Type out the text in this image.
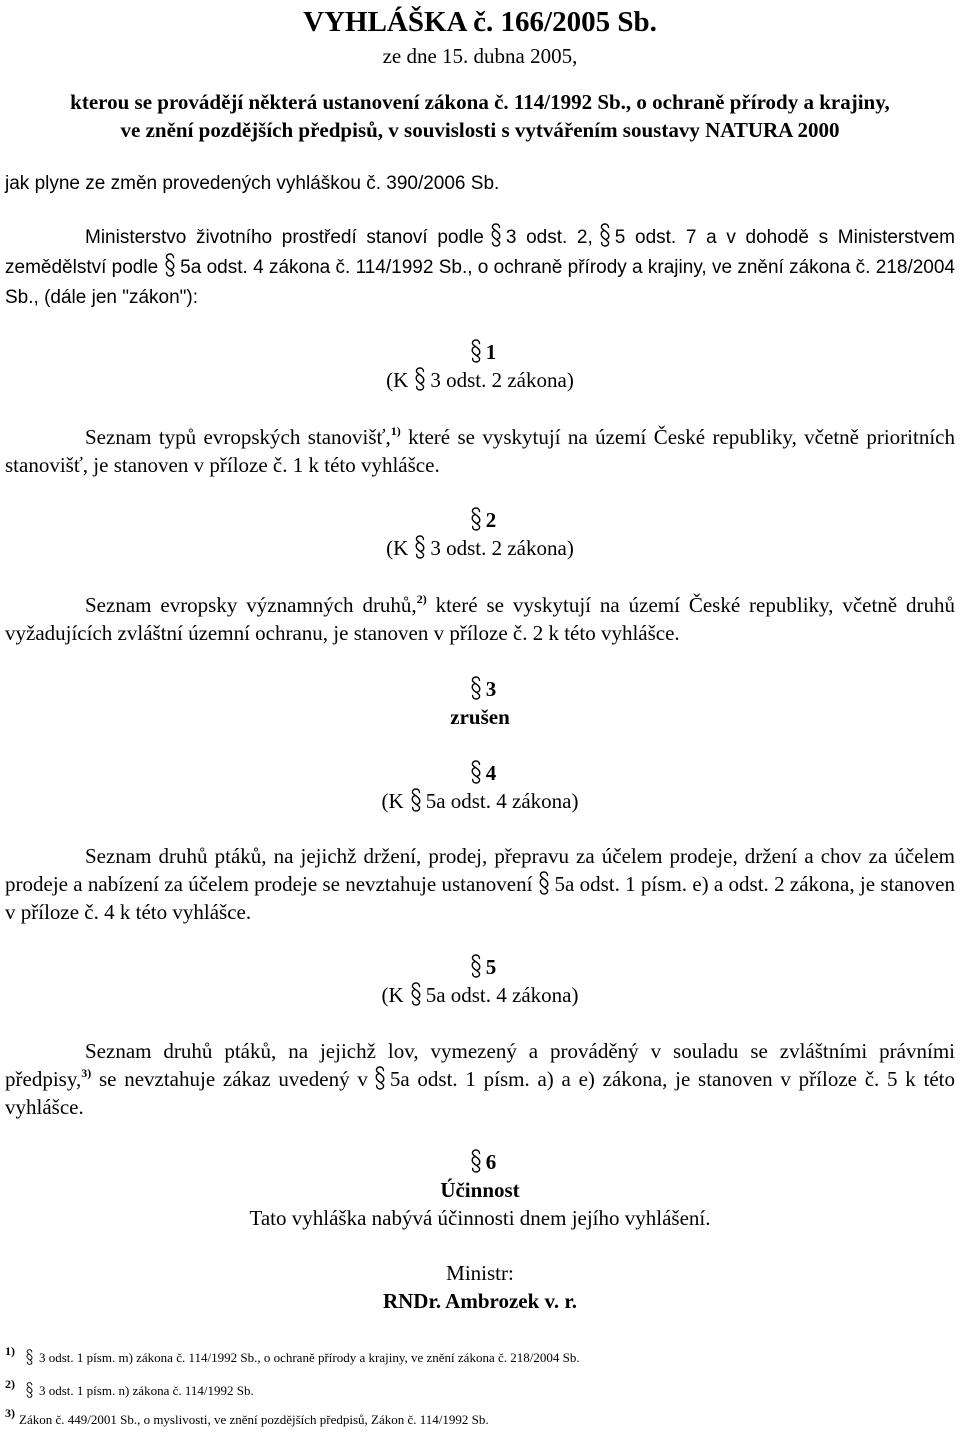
VYHLÁŠKA č. 166/2005 Sb.
ze dne 15. dubna 2005,
kterou se provádějí některá ustanovení zákona č. 114/1992 Sb., o ochraně přírody a krajiny,
ve znění pozdějších předpisů, v souvislosti s vytvářením soustavy NATURA 2000
jak plyne ze změn provedených vyhláškou č. 390/2006 Sb.
Ministerstvo životního prostředí stanoví podle 3 odst. 2, 5 odst. 7 a v dohodě s Ministerstvem zemědělství podle 5a odst. 4 zákona č. 114/1992 Sb., o ochraně přírody a krajiny, ve znění zákona č. 218/2004 Sb., (dále jen "zákon"):
1
(K 3 odst. 2 zákona)
Seznam typů evropských stanovišť,$^{1)}$ které se vyskytují na území České republiky, včetně prioritních stanovišť, je stanoven v příloze č. 1 k této vyhlášce.
2
(K 3 odst. 2 zákona)
Seznam evropsky významných druhů,$^{2)}$ které se vyskytují na území České republiky, včetně druhů vyžadujících zvláštní územní ochranu, je stanoven v příloze č. 2 k této vyhlášce.
3
zrušen
4
(K 5a odst. 4 zákona)
Seznam druhů ptáků, na jejichž držení, prodej, přepravu za účelem prodeje, držení a chov za účelem prodeje a nabízení za účelem prodeje se nevztahuje ustanovení 5a odst. 1 písm. e) a odst. 2 zákona, je stanoven v příloze č. 4 k této vyhlášce.
5
(K 5a odst. 4 zákona)
Seznam druhů ptáků, na jejichž lov, vymezený a prováděný v souladu se zvláštními právními předpisy,$^{3)}$ se nevztahuje zákaz uvedený v 5a odst. 1 písm. a) a e) zákona, je stanoven v příloze č. 5 k této vyhlášce.
6
Účinnost
Tato vyhláška nabývá účinnosti dnem jejího vyhlášení.
Ministr:
RNDr. Ambrozek v. r.
1) 3 odst. 1 písm. m) zákona č. 114/1992 Sb., o ochraně přírody a krajiny, ve znění zákona č. 218/2004 Sb.
2) 3 odst. 1 písm. n) zákona č. 114/1992 Sb.
3) Zákon č. 449/2001 Sb., o myslivosti, ve znění pozdějších předpisů, Zákon č. 114/1992 Sb.
